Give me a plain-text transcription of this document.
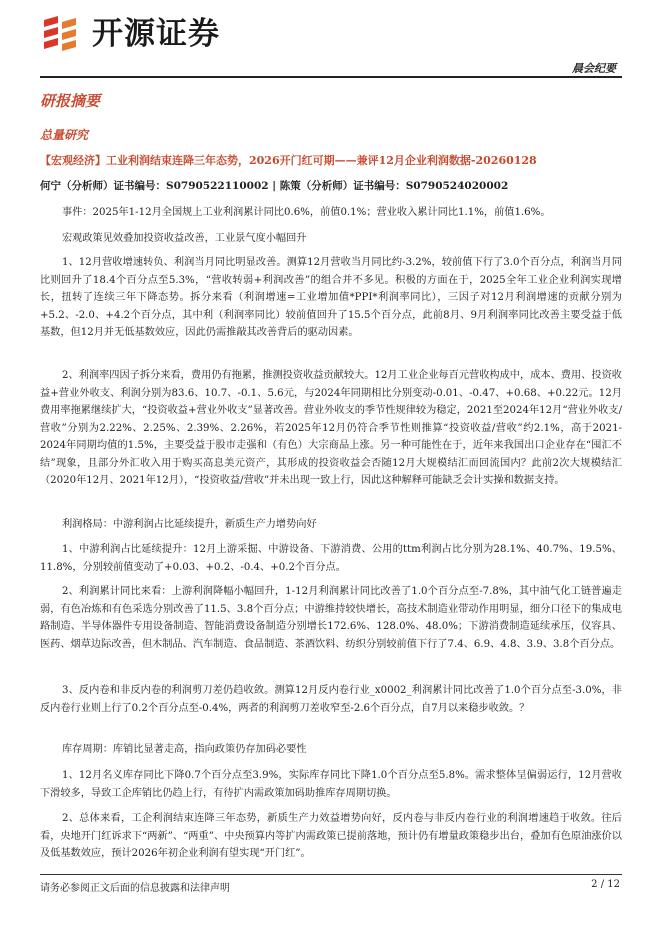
开源证券
晨会纪要
研报摘要
总量研究
【宏观经济】工业利润结束连降三年态势，2026开门红可期——兼评12月企业利润数据-20260128
何宁（分析师）证书编号：S0790522110002 | 陈策（分析师）证书编号：S0790524020002

事件：2025年1-12月全国规上工业利润累计同比0.6%，前值0.1%；营业收入累计同比1.1%，前值1.6%。

宏观政策见效叠加投资收益改善，工业景气度小幅回升

1、12月营收增速转负、利润当月同比明显改善。测算12月营收当月同比约-3.2%，较前值下行了3.0个百分点，利润当月同比则回升了18.4个百分点至5.3%，“营收转弱+利润改善”的组合并不多见。积极的方面在于，2025全年工业企业利润实现增长，扭转了连续三年下降态势。拆分来看（利润增速=工业增加值*PPI*利润率同比），三因子对12月利润增速的贡献分别为+5.2、-2.0、+4.2个百分点，其中利（利润率同比）较前值回升了15.5个百分点，此前8月、9月利润率同比改善主要受益于低基数，但12月并无低基数效应，因此仍需推敲其改善背后的驱动因素。

2、利润率四因子拆分来看，费用仍有拖累，推测投资收益贡献较大。12月工业企业每百元营收构成中，成本、费用、投资收益+营业外收支、利润分别为83.6、10.7、-0.1、5.6元，与2024年同期相比分别变动-0.01、-0.47、+0.68、+0.22元。12月费用率拖累继续扩大，“投资收益+营业外收支”显著改善。营业外收支的季节性规律较为稳定，2021至2024年12月“营业外收支/营收”分别为2.22%、2.25%、2.39%、2.26%，若2025年12月仍符合季节性则推算“投资收益/营收”约2.1%，高于2021-2024年同期均值的1.5%，主要受益于股市走强和（有色）大宗商品上涨。另一种可能性在于，近年来我国出口企业存在“囤汇不结”现象，且部分外汇收入用于购买高息美元资产，其形成的投资收益会否随12月大规模结汇而回流国内？此前2次大规模结汇（2020年12月、2021年12月），“投资收益/营收”并未出现一致上行，因此这种解释可能缺乏会计实操和数据支持。

利润格局：中游利润占比延续提升，新质生产力增势向好

1、中游利润占比延续提升：12月上游采掘、中游设备、下游消费、公用的ttm利润占比分别为28.1%、40.7%、19.5%、11.8%，分别较前值变动了+0.03、+0.2、-0.4、+0.2个百分点。

2、利润累计同比来看：上游利润降幅小幅回升，1-12月利润累计同比改善了1.0个百分点至-7.8%，其中油气化工链普遍走弱，有色冶炼和有色采选分别改善了11.5、3.8个百分点；中游维持较快增长，高技术制造业带动作用明显，细分口径下的集成电路制造、半导体器件专用设备制造、智能消费设备制造分别增长172.6%、128.0%、48.0%；下游消费制造延续承压，仪容具、医药、烟草边际改善，但木制品、汽车制造、食品制造、茶酒饮料、纺织分别较前值下行了7.4、6.9、4.8、3.9、3.8个百分点。

3、反内卷和非反内卷的利润剪刀差仍趋收敛。测算12月反内卷行业_x0002_利润累计同比改善了1.0个百分点至-3.0%，非反内卷行业则上行了0.2个百分点至-0.4%，两者的利润剪刀差收窄至-2.6个百分点，自7月以来稳步收敛。？

库存周期：库销比显著走高，指向政策仍存加码必要性

1、12月名义库存同比下降0.7个百分点至3.9%，实际库存同比下降1.0个百分点至5.8%。需求整体呈偏弱运行，12月营收下滑较多，导致工企库销比仍趋上行，有待扩内需政策加码助推库存周期切换。

2、总体来看，工企利润结束连降三年态势，新质生产力效益增势向好，反内卷与非反内卷行业的利润增速趋于收敛。往后看，央地开门红诉求下“两新”、“两重”、中央预算内等扩内需政策已提前落地，预计仍有增量政策稳步出台，叠加有色原油涨价以及低基数效应，预计2026年初企业利润有望实现“开门红”。

请务必参阅正文后面的信息披露和法律声明	2 / 12
